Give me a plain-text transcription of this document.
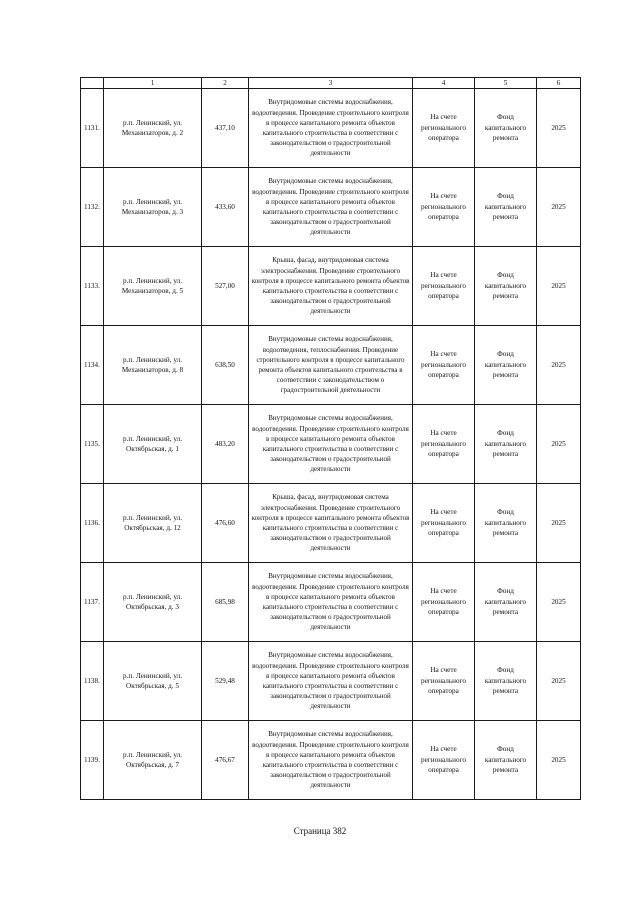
	1	2	3	4	5	6
1131.	р.п. Ленинский, ул. Механизаторов, д. 2	437,10	Внутридомовые системы водоснабжения, водоотведения. Проведение строительного контроля в процессе капитального ремонта объектов капитального строительства в соответствии с законодательством о градостроительной деятельности	На счете регионального оператора	Фонд капитального ремонта	2025
1132.	р.п. Ленинский, ул. Механизаторов, д. 3	433,60	Внутридомовые системы водоснабжения, водоотведения. Проведение строительного контроля в процессе капитального ремонта объектов капитального строительства в соответствии с законодательством о градостроительной деятельности	На счете регионального оператора	Фонд капитального ремонта	2025
1133.	р.п. Ленинский, ул. Механизаторов, д. 5	527,00	Крыша, фасад, внутридомовая система электроснабжения. Проведение строительного контроля в процессе капитального ремонта объектов капитального строительства в соответствии с законодательством о градостроительной деятельности	На счете регионального оператора	Фонд капитального ремонта	2025
1134.	р.п. Ленинский, ул. Механизаторов, д. 8	638,50	Внутридомовые системы водоснабжения, водоотведения, теплоснабжения. Проведение строительного контроля в процессе капитального ремонта объектов капитального строительства в соответствии с законодательством о градостроительной деятельности	На счете регионального оператора	Фонд капитального ремонта	2025
1135.	р.п. Ленинский, ул. Октябрьская, д. 1	483,20	Внутридомовые системы водоснабжения, водоотведения. Проведение строительного контроля в процессе капитального ремонта объектов капитального строительства в соответствии с законодательством о градостроительной деятельности	На счете регионального оператора	Фонд капитального ремонта	2025
1136.	р.п. Ленинский, ул. Октябрьская, д. 12	476,60	Крыша, фасад, внутридомовая система электроснабжения. Проведение строительного контроля в процессе капитального ремонта объектов капитального строительства в соответствии с законодательством о градостроительной деятельности	На счете регионального оператора	Фонд капитального ремонта	2025
1137.	р.п. Ленинский, ул. Октябрьская, д. 3	685,98	Внутридомовые системы водоснабжения, водоотведения. Проведение строительного контроля в процессе капитального ремонта объектов капитального строительства в соответствии с законодательством о градостроительной деятельности	На счете регионального оператора	Фонд капитального ремонта	2025
1138.	р.п. Ленинский, ул. Октябрьская, д. 5	529,48	Внутридомовые системы водоснабжения, водоотведения. Проведение строительного контроля в процессе капитального ремонта объектов капитального строительства в соответствии с законодательством о градостроительной деятельности	На счете регионального оператора	Фонд капитального ремонта	2025
1139.	р.п. Ленинский, ул. Октябрьская, д. 7	476,67	Внутридомовые системы водоснабжения, водоотведения. Проведение строительного контроля в процессе капитального ремонта объектов капитального строительства в соответствии с законодательством о градостроительной деятельности	На счете регионального оператора	Фонд капитального ремонта	2025
Страница 382
